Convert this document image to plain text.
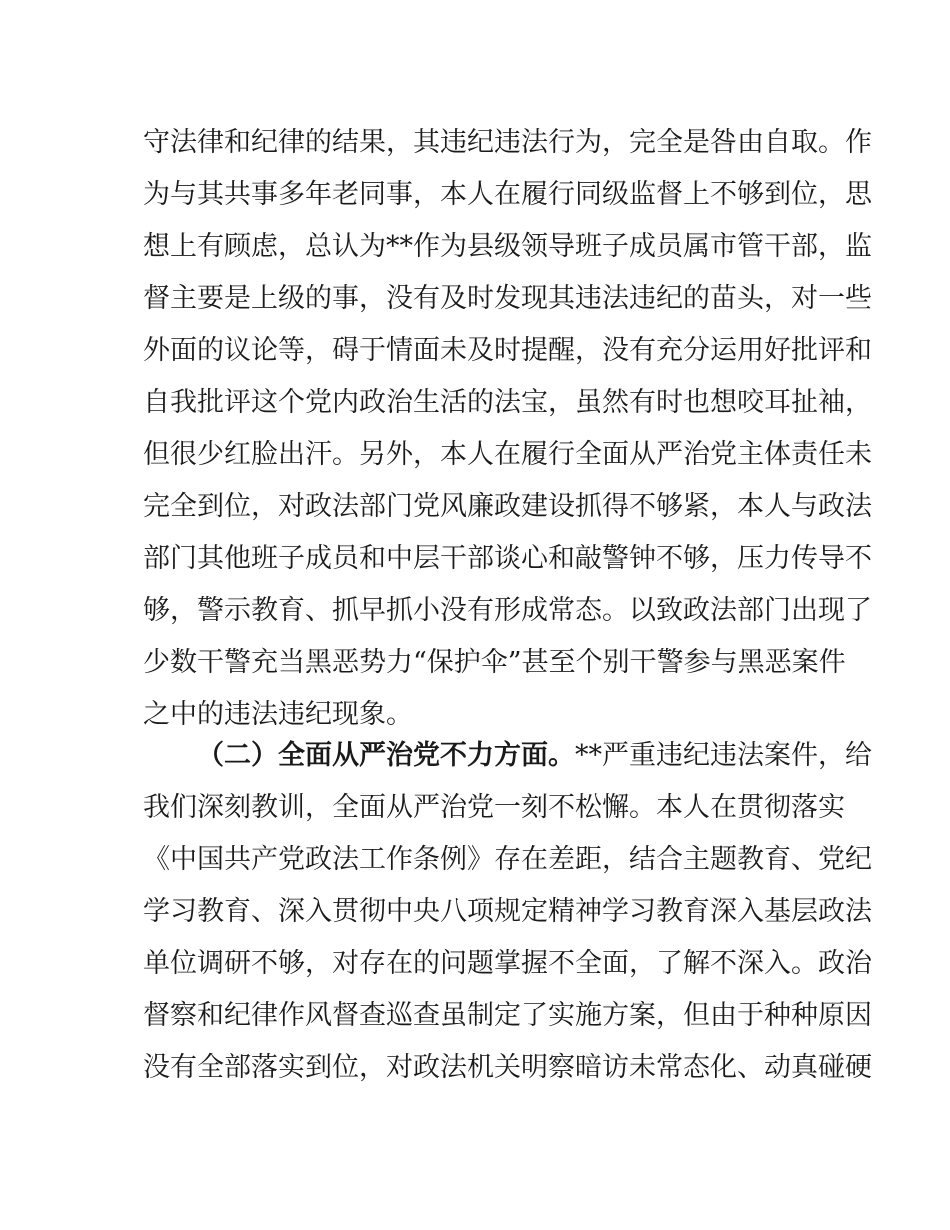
守法律和纪律的结果，其违纪违法行为，完全是咎由自取。作
为与其共事多年老同事，本人在履行同级监督上不够到位，思
想上有顾虑，总认为**作为县级领导班子成员属市管干部，监
督主要是上级的事，没有及时发现其违法违纪的苗头，对一些
外面的议论等，碍于情面未及时提醒，没有充分运用好批评和
自我批评这个党内政治生活的法宝，虽然有时也想咬耳扯袖，
但很少红脸出汗。另外，本人在履行全面从严治党主体责任未
完全到位，对政法部门党风廉政建设抓得不够紧，本人与政法
部门其他班子成员和中层干部谈心和敲警钟不够，压力传导不
够，警示教育、抓早抓小没有形成常态。以致政法部门出现了
少数干警充当黑恶势力“保护伞”甚至个别干警参与黑恶案件
之中的违法违纪现象。
（二）全面从严治党不力方面。**严重违纪违法案件，给
我们深刻教训，全面从严治党一刻不松懈。本人在贯彻落实
《中国共产党政法工作条例》存在差距，结合主题教育、党纪
学习教育、深入贯彻中央八项规定精神学习教育深入基层政法
单位调研不够，对存在的问题掌握不全面，了解不深入。政治
督察和纪律作风督查巡查虽制定了实施方案，但由于种种原因
没有全部落实到位，对政法机关明察暗访未常态化、动真碰硬
